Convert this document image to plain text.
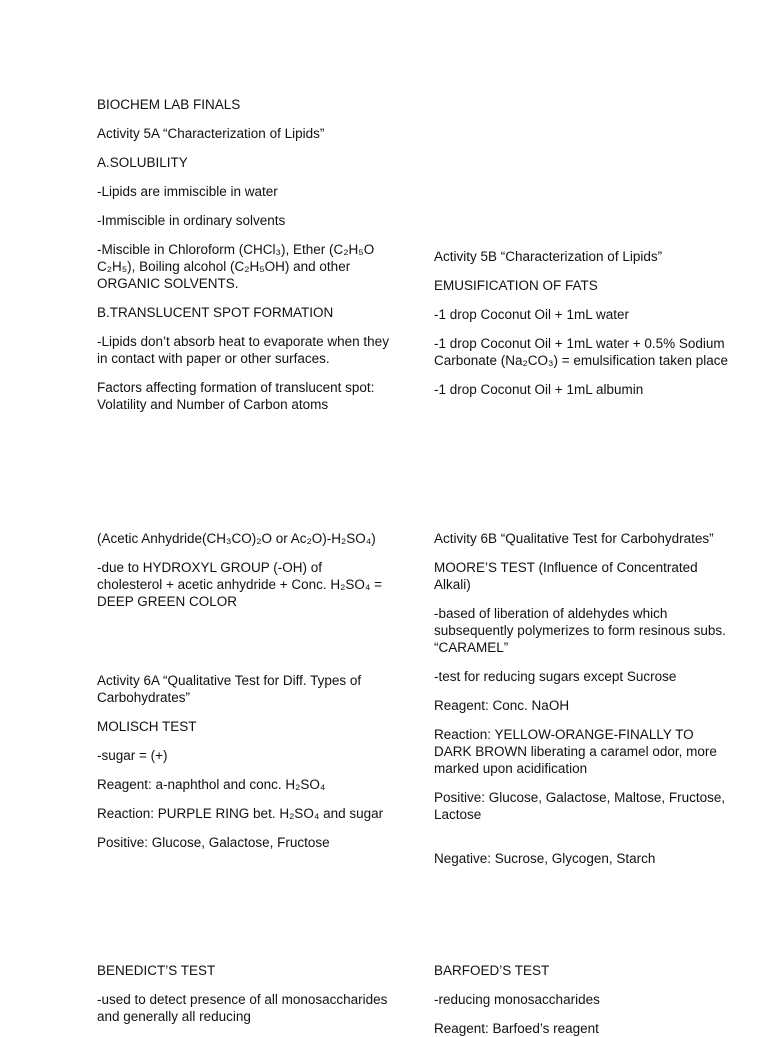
BIOCHEM LAB FINALS

Activity 5A “Characterization of Lipids”

A.SOLUBILITY

-Lipids are immiscible in water

-Immiscible in ordinary solvents

-Miscible in Chloroform (CHCl₃), Ether (C₂H₅O C₂H₅), Boiling alcohol (C₂H₅OH) and other ORGANIC SOLVENTS.

B.TRANSLUCENT SPOT FORMATION

-Lipids don’t absorb heat to evaporate when they in contact with paper or other surfaces.

Factors affecting formation of translucent spot: Volatility and Number of Carbon atoms

Activity 5B “Characterization of Lipids”

EMUSIFICATION OF FATS

-1 drop Coconut Oil + 1mL water

-1 drop Coconut Oil + 1mL water + 0.5% Sodium Carbonate (Na₂CO₃) = emulsification taken place

-1 drop Coconut Oil + 1mL albumin

(Acetic Anhydride(CH₃CO)₂O or Ac₂O)-H₂SO₄)

-due to HYDROXYL GROUP (-OH) of cholesterol + acetic anhydride + Conc. H₂SO₄ = DEEP GREEN COLOR

Activity 6B “Qualitative Test for Carbohydrates”

MOORE’S TEST (Influence of Concentrated Alkali)

-based of liberation of aldehydes which subsequently polymerizes to form resinous subs. “CARAMEL”

-test for reducing sugars except Sucrose

Reagent: Conc. NaOH

Reaction: YELLOW-ORANGE-FINALLY TO DARK BROWN liberating a caramel odor, more marked upon acidification

Positive: Glucose, Galactose, Maltose, Fructose, Lactose

Activity 6A “Qualitative Test for Diff. Types of Carbohydrates”

MOLISCH TEST

-sugar = (+)

Reagent: a-naphthol and conc. H₂SO₄

Reaction: PURPLE RING bet. H₂SO₄ and sugar

Positive: Glucose, Galactose, Fructose

Negative: Sucrose, Glycogen, Starch

BENEDICT’S TEST

-used to detect presence of all monosaccharides and generally all reducing

BARFOED’S TEST

-reducing monosaccharides

Reagent: Barfoed’s reagent
